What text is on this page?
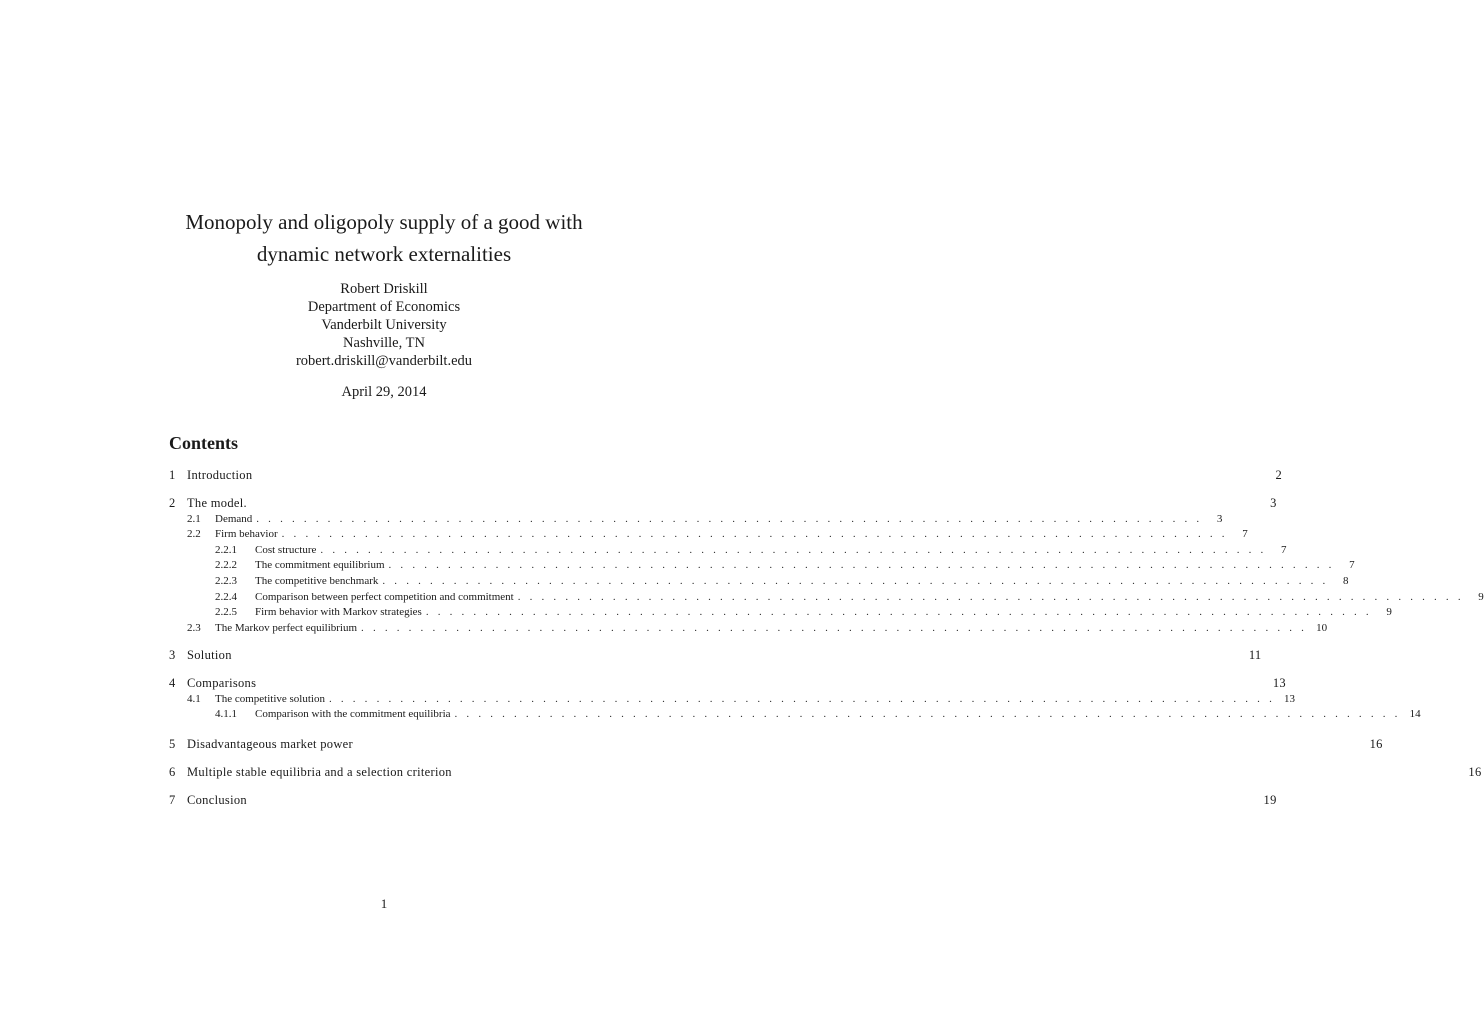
Monopoly and oligopoly supply of a good with
dynamic network externalities
Robert Driskill
Department of Economics
Vanderbilt University
Nashville, TN
robert.driskill@vanderbilt.edu
April 29, 2014
Contents
1 Introduction	2
2 The model.	3
2.1	Demand . . . . . . . . . . . . . . . . . . . . . . . . . . . . . . . . . . . . . . . . . . . . . . . . . . . . . . . . . . . . . . . . . . . . . . . . . . . . . . . .	3
2.2	Firm behavior . . . . . . . . . . . . . . . . . . . . . . . . . . . . . . . . . . . . . . . . . . . . . . . . . . . . . . . . . . . . . . . . . . . . . . . . . . . . . . . .	7
2.2.1	Cost structure . . . . . . . . . . . . . . . . . . . . . . . . . . . . . . . . . . . . . . . . . . . . . . . . . . . . . . . . . . . . . . . . . . . . . . . . . . . . . . . .	7
2.2.2	The commitment equilibrium . . . . . . . . . . . . . . . . . . . . . . . . . . . . . . . . . . . . . . . . . . . . . . . . . . . . . . . . . . . . . . . . . . . . . . . . . . . . . . . .	7
2.2.3	The competitive benchmark . . . . . . . . . . . . . . . . . . . . . . . . . . . . . . . . . . . . . . . . . . . . . . . . . . . . . . . . . . . . . . . . . . . . . . . . . . . . . . . .	8
2.2.4	Comparison between perfect competition and commitment . . . . . . . . . . . . . . . . . . . . . . . . . . . . . . . . . . . . . . . . . . . . . . . . . . . . . . . . . . . . . . . . . . . . . . . . . . . . . . . .	9
2.2.5	Firm behavior with Markov strategies . . . . . . . . . . . . . . . . . . . . . . . . . . . . . . . . . . . . . . . . . . . . . . . . . . . . . . . . . . . . . . . . . . . . . . . . . . . . . . . .	9
2.3	The Markov perfect equilibrium . . . . . . . . . . . . . . . . . . . . . . . . . . . . . . . . . . . . . . . . . . . . . . . . . . . . . . . . . . . . . . . . . . . . . . . . . . . . . . . . 10
3 Solution	11
4 Comparisons	13
4.1	The competitive solution . . . . . . . . . . . . . . . . . . . . . . . . . . . . . . . . . . . . . . . . . . . . . . . . . . . . . . . . . . . . . . . . . . . . . . . . . . . . . . . . 13
4.1.1	Comparison with the commitment equilibria . . . . . . . . . . . . . . . . . . . . . . . . . . . . . . . . . . . . . . . . . . . . . . . . . . . . . . . . . . . . . . . . . . . . . . . . . . . . . . . . 14
5 Disadvantageous market power	16
6 Multiple stable equilibria and a selection criterion	16
7 Conclusion	19
1
